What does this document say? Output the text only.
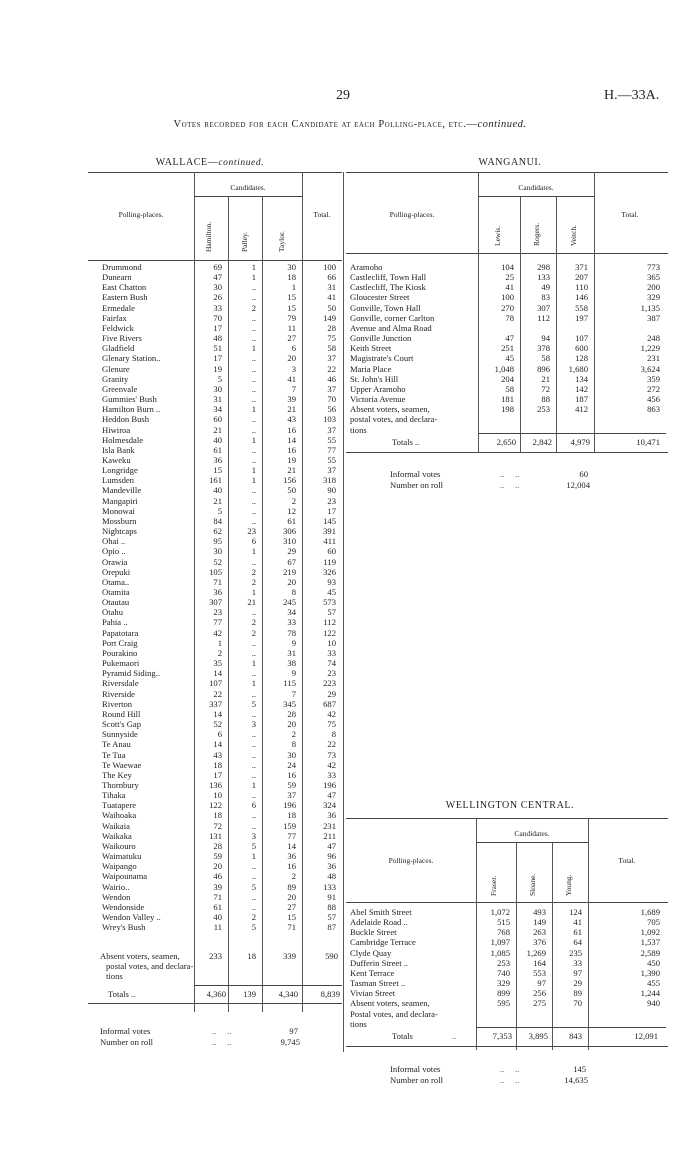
29	H.—33A.
Votes recorded for each Candidate at each Polling-place, etc.—continued.
WALLACE—continued.	WANGANUI.
WELLINGTON CENTRAL.
Candidates.
Polling-places.	Total.
Hamilton.	Palley.	Taylor.
Drummond	69	1	30	100
Dunearn	47	1	18	66
East Chatton	30	..	1	31
Eastern Bush	26	..	15	41
Ermedale	33	2	15	50
Fairfax	70	..	79	149
Feldwick	17	..	11	28
Five Rivers	48	..	27	75
Gladfield	51	1	6	58
Glenary Station..	17	..	20	37
Glenure	19	..	3	22
Granity	5	..	41	46
Greenvale	30	..	7	37
Gummies' Bush	31	..	39	70
Hamilton Burn ..	34	1	21	56
Heddon Bush	60	..	43	103
Hiwiroa	21	..	16	37
Holmesdale	40	1	14	55
Isla Bank	61	..	16	77
Kaweku	36	..	19	55
Longridge	15	1	21	37
Lumsden	161	1	156	318
Mandeville	40	..	50	90
Mangapiri	21	..	2	23
Monowai	5	..	12	17
Mossburn	84	..	61	145
Nightcaps	62	23	306	391
Ohai ..	95	6	310	411
Opio ..	30	1	29	60
Orawia	52	..	67	119
Orepuki	105	2	219	326
Otama..	71	2	20	93
Otamita	36	1	8	45
Otautau	307	21	245	573
Otahu	23	..	34	57
Pahia ..	77	2	33	112
Papatotara	42	2	78	122
Port Craig	1	..	9	10
Pourakino	2	..	31	33
Pukemaori	35	1	38	74
Pyramid Siding..	14	..	9	23
Riversdale	107	1	115	223
Riverside	22	..	7	29
Riverton	337	5	345	687
Round Hill	14	..	28	42
Scott's Gap	52	3	20	75
Sunnyside	6	..	2	8
Te Anau	14	..	8	22
Te Tua	43	..	30	73
Te Waewae	18	..	24	42
The Key	17	..	16	33
Thornbury	136	1	59	196
Tihaka	10	..	37	47
Tuatapere	122	6	196	324
Waihoaka	18	..	18	36
Waikaia	72	..	159	231
Waikaka	131	3	77	211
Waikouro	28	5	14	47
Waimatuku	59	1	36	96
Waipango	20	..	16	36
Waipounama	46	..	2	48
Wairio..	39	5	89	133
Wendon	71	..	20	91
Wendonside	61	..	27	88
Wendon Valley ..	40	2	15	57
Wrey's Bush	11	5	71	87
Absent voters, seamen,
postal votes, and declara-
tions
233	18	339	590
Totals ..	4,360	139	4,340	8,839
Informal votes	..     ..	97
Number on roll	..     ..	9,745
Candidates.
Polling-places.	Total.
Lewis.	Rogers.	Veitch.
Aramoho	104	298	371	773
Castlecliff, Town Hall	25	133	207	365
Castlecliff, The Kiosk	41	49	110	200
Gloucester Street	100	83	146	329
Gonville, Town Hall	270	307	558	1,135
Gonville, corner Carlton	78	112	197	387
Avenue and Alma Road				
Gonville Junction	47	94	107	248
Keith Street	251	378	600	1,229
Magistrate's Court	45	58	128	231
Maria Place	1,048	896	1,680	3,624
St. John's Hill	204	21	134	359
Upper Aramoho	58	72	142	272
Victoria Avenue	181	88	187	456
Absent voters, seamen,	198	253	412	863
postal votes, and declara-				
tions				
Totals ..	2,650	2,842	4,979	10,471
Informal votes	..     ..	60
Number on roll	..     ..	12,004
Candidates.
Polling-places.	Total.
Fraser.	Sloane.	Young.
Abel Smith Street	1,072	493	124	1,689
Adelaide Road ..	515	149	41	705
Buckle Street	768	263	61	1,092
Cambridge Terrace	1,097	376	64	1,537
Clyde Quay	1,085	1,269	235	2,589
Dufferin Street ..	253	164	33	450
Kent Terrace	740	553	97	1,390
Tasman Street ..	329	97	29	455
Vivian Street	899	256	89	1,244
Absent voters, seamen,	595	275	70	940
Postal votes, and declara-				
tions				
Totals	..	7,353	3,895	843	12,091
Informal votes	..     ..	145
Number on roll	..     ..	14,635
